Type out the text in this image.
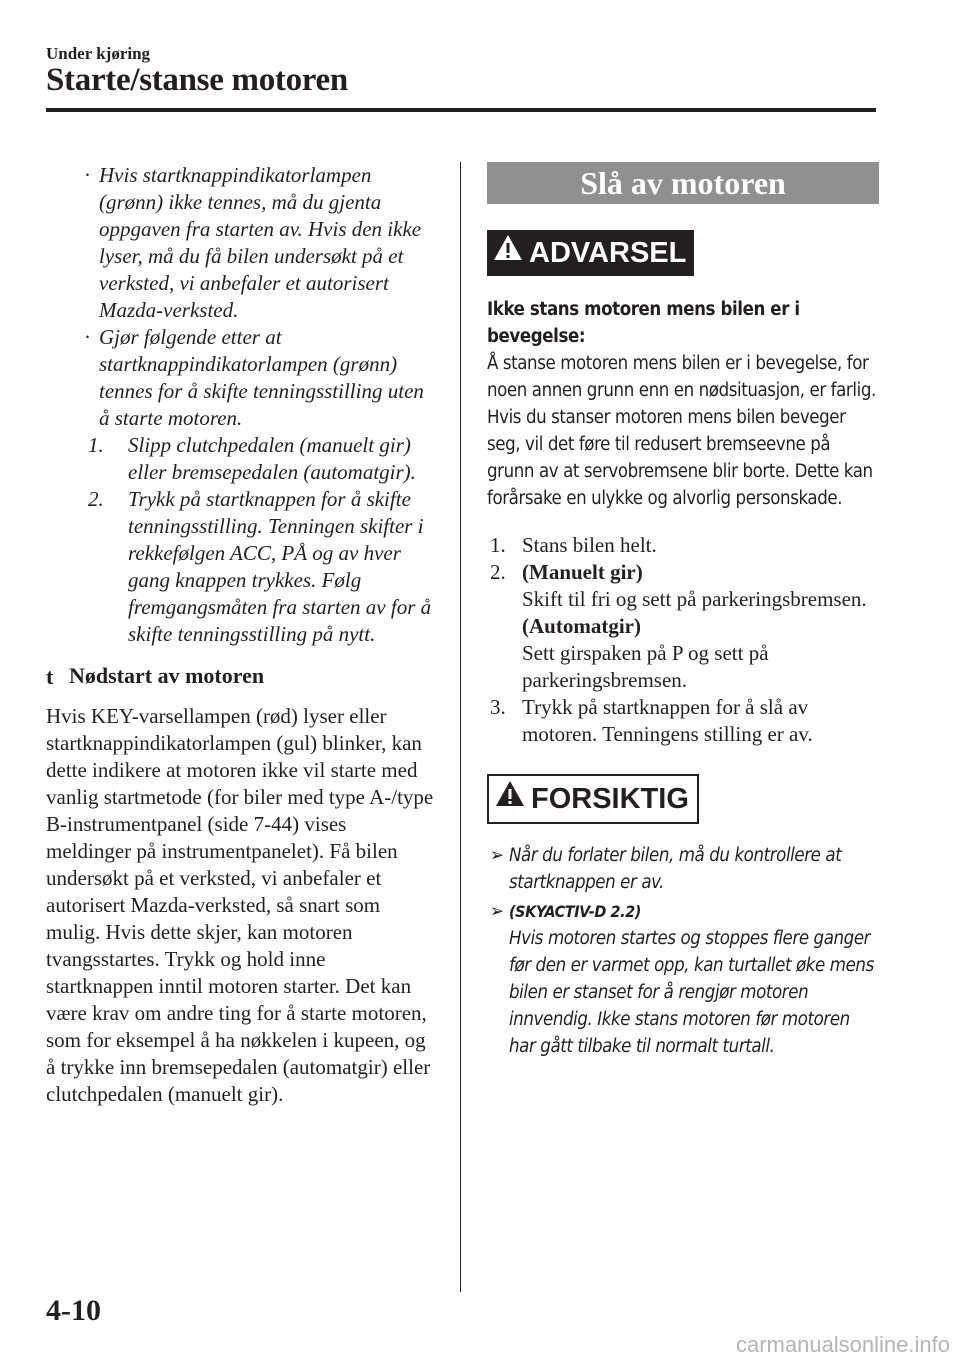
Under kjøring
Starte/stanse motoren
· Hvis startknappindikatorlampen (grønn) ikke tennes, må du gjenta oppgaven fra starten av. Hvis den ikke lyser, må du få bilen undersøkt på et verksted, vi anbefaler et autorisert Mazda-verksted.
· Gjør følgende etter at startknappindikatorlampen (grønn) tennes for å skifte tenningsstilling uten å starte motoren.
1. Slipp clutchpedalen (manuelt gir) eller bremsepedalen (automatgir).
2. Trykk på startknappen for å skifte tenningsstilling. Tenningen skifter i rekkefølgen ACC, PÅ og av hver gang knappen trykkes. Følg fremgangsmåten fra starten av for å skifte tenningsstilling på nytt.
t Nødstart av motoren
Hvis KEY-varsellampen (rød) lyser eller startknappindikatorlampen (gul) blinker, kan dette indikere at motoren ikke vil starte med vanlig startmetode (for biler med type A-/type B-instrumentpanel (side 7-44) vises meldinger på instrumentpanelet). Få bilen undersøkt på et verksted, vi anbefaler et autorisert Mazda-verksted, så snart som mulig. Hvis dette skjer, kan motoren tvangsstartes. Trykk og hold inne startknappen inntil motoren starter. Det kan være krav om andre ting for å starte motoren, som for eksempel å ha nøkkelen i kupeen, og å trykke inn bremsepedalen (automatgir) eller clutchpedalen (manuelt gir).
Slå av motoren
ADVARSEL
Ikke stans motoren mens bilen er i bevegelse:
Å stanse motoren mens bilen er i bevegelse, for noen annen grunn enn en nødsituasjon, er farlig. Hvis du stanser motoren mens bilen beveger seg, vil det føre til redusert bremseevne på grunn av at servobremsene blir borte. Dette kan forårsake en ulykke og alvorlig personskade.
1. Stans bilen helt.
2. (Manuelt gir)
Skift til fri og sett på parkeringsbremsen.
(Automatgir)
Sett girspaken på P og sett på parkeringsbremsen.
3. Trykk på startknappen for å slå av motoren. Tenningens stilling er av.
FORSIKTIG
➢ Når du forlater bilen, må du kontrollere at startknappen er av.
➢ (SKYACTIV-D 2.2)
Hvis motoren startes og stoppes flere ganger før den er varmet opp, kan turtallet øke mens bilen er stanset for å rengjør motoren innvendig. Ikke stans motoren før motoren har gått tilbake til normalt turtall.
4-10
carmanualsonline.info
